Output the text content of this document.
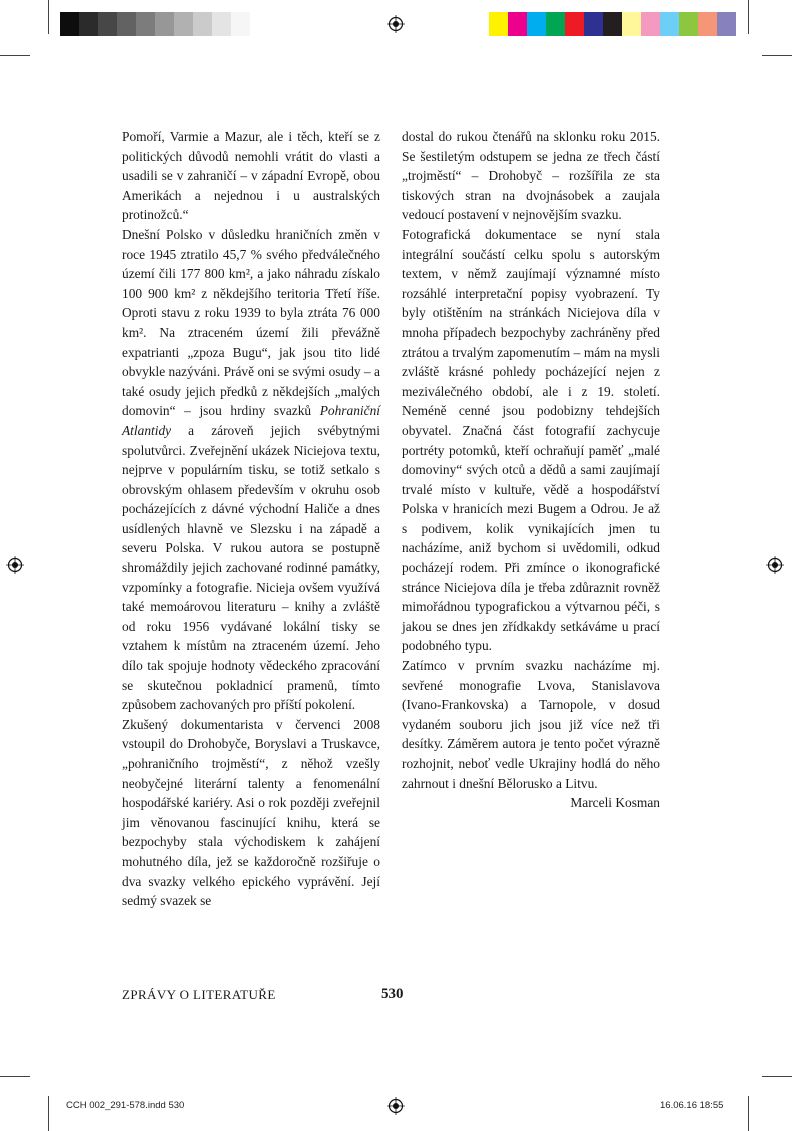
Pomoří, Varmie a Mazur, ale i těch, kteří se z politických důvodů nemohli vrátit do vlasti a usadili se v zahraničí – v západní Evropě, obou Amerikách a nejednou i u australských protinožců.“

Dnešní Polsko v důsledku hraničních změn v roce 1945 ztratilo 45,7 % svého předválečného území čili 177 800 km², a jako náhradu získalo 100 900 km² z někdejšího teritoria Třetí říše. Oproti stavu z roku 1939 to byla ztráta 76 000 km². Na ztraceném území žili převážně expatrianti „zpoza Bugu“, jak jsou tito lidé obvykle nazýváni. Právě oni se svými osudy – a také osudy jejich předků z někdejších „malých domovin“ – jsou hrdiny svazků Pohraniční Atlantidy a zároveň jejich svébytnými spolutvůrci. Zveřejnění ukázek Niciejova textu, nejprve v populárním tisku, se totiž setkalo s obrovským ohlasem především v okruhu osob pocházejících z dávné východní Haliče a dnes usídlených hlavně ve Slezsku i na západě a severu Polska. V rukou autora se postupně shromáždily jejich zachované rodinné památky, vzpomínky a fotografie. Niciejа ovšem využívá také memoárovou literaturu – knihy a zvláště od roku 1956 vydávané lokální tisky se vztahem k místům na ztraceném území. Jeho dílo tak spojuje hodnoty vědeckého zpracování se skutečnou pokladnicí pramenů, tímto způsobem zachovaných pro příští pokolení.

Zkušený dokumentarista v červenci 2008 vstoupil do Drohobyče, Boryslavi a Truskavce, „pohraničního trojměstí“, z něhož vzešly neobyčejné literární talenty a fenomenální hospodářské kariéry. Asi o rok později zveřejnil jim věnovanou fascinující knihu, která se bezpochyby stala východiskem k zahájení mohutného díla, jež se každoročně rozšiřuje o dva svazky velkého epického vyprávění. Její sedmý svazek se

dostal do rukou čtenářů na sklonku roku 2015. Se šestiletým odstupem se jedna ze třech částí „trojměstí“ – Drohobyč – rozšířila ze sta tiskových stran na dvojnásobek a zaujala vedoucí postavení v nejnovějším svazku.

Fotografická dokumentace se nyní stala integrální součástí celku spolu s autorským textem, v němž zaujímají významné místo rozsáhlé interpretační popisy vyobrazení. Ty byly otištěním na stránkách Niciejova díla v mnoha případech bezpochyby zachráněny před ztrátou a trvalým zapomenutím – mám na mysli zvláště krásné pohledy pocházející nejen z meziválečného období, ale i z 19. století. Neméně cenné jsou podobizny tehdejších obyvatel. Značná část fotografií zachycuje portréty potomků, kteří ochraňují paměť „malé domoviny“ svých otců a dědů a sami zaujímají trvalé místo v kultuře, vědě a hospodářství Polska v hranicích mezi Bugem a Odrou. Je až s podivem, kolik vynikajících jmen tu nacházíme, aniž bychom si uvědomili, odkud pocházejí rodem. Při zmínce o ikonografické stránce Niciejova díla je třeba zdůraznit rovněž mimořádnou typografickou a výtvarnou péči, s jakou se dnes jen zřídkakdy setkáváme u prací podobného typu.

Zatímco v prvním svazku nacházíme mj. sevřené monografie Lvova, Stanislavova (Ivano-Frankovska) a Tarnopole, v dosud vydaném souboru jich jsou již více než tři desítky. Záměrem autora je tento počet výrazně rozhojnit, neboť vedle Ukrajiny hodlá do něho zahrnout i dnešní Bělorusko a Litvu.

Marceli Kosman

ZPRÁVY O LITERATUŘE	530
CCH 002_291-578.indd 530	16.06.16 18:55
